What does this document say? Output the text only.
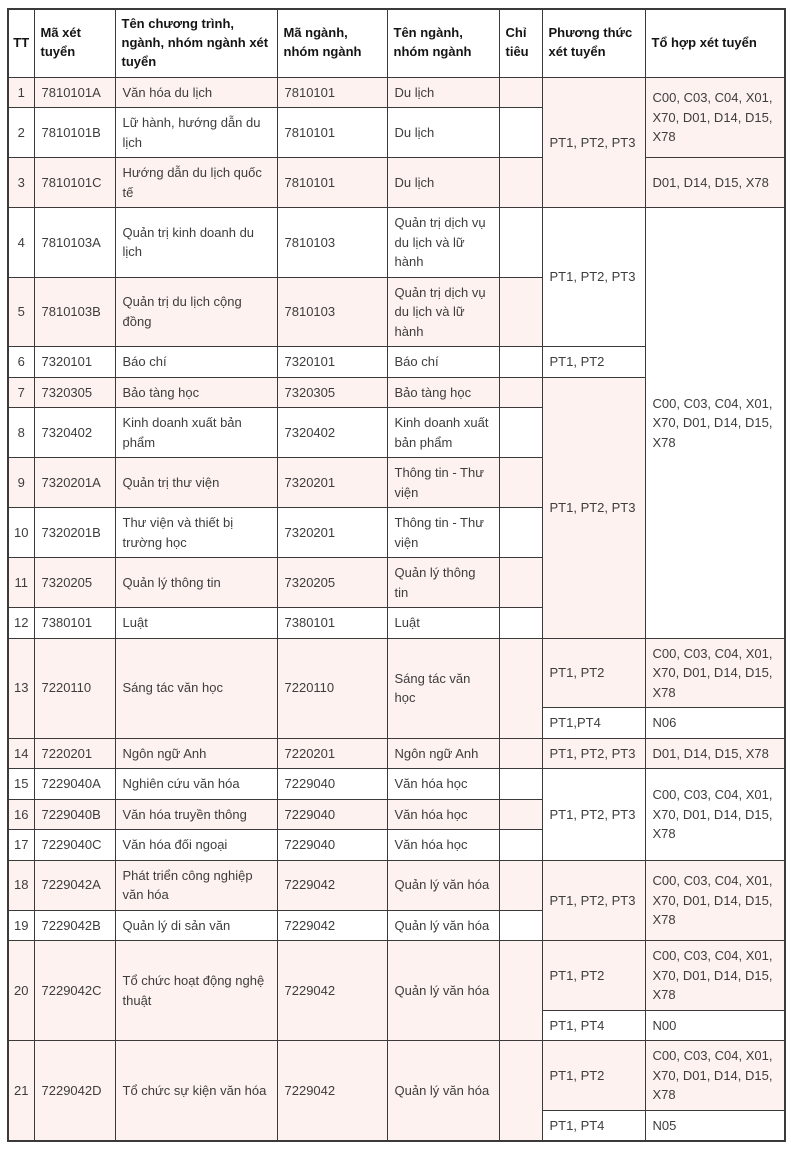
TT	Mã xét tuyển	Tên chương trình, ngành, nhóm ngành xét tuyển	Mã ngành, nhóm ngành	Tên ngành, nhóm ngành	Chỉ tiêu	Phương thức xét tuyển	Tổ hợp xét tuyển
1	7810101A	Văn hóa du lịch	7810101	Du lịch		PT1, PT2, PT3	C00, C03, C04, X01, X70, D01, D14, D15, X78
2	7810101B	Lữ hành, hướng dẫn du lịch	7810101	Du lịch			
3	7810101C	Hướng dẫn du lịch quốc tế	7810101	Du lịch			D01, D14, D15, X78
4	7810103A	Quản trị kinh doanh du lịch	7810103	Quản trị dịch vụ du lịch và lữ hành		PT1, PT2, PT3	C00, C03, C04, X01, X70, D01, D14, D15, X78
5	7810103B	Quản trị du lịch cộng đồng	7810103	Quản trị dịch vụ du lịch và lữ hành			
6	7320101	Báo chí	7320101	Báo chí		PT1, PT2	
7	7320305	Bảo tàng học	7320305	Bảo tàng học		PT1, PT2, PT3	
8	7320402	Kinh doanh xuất bản phẩm	7320402	Kinh doanh xuất bản phẩm			
9	7320201A	Quản trị thư viện	7320201	Thông tin - Thư viện			
10	7320201B	Thư viện và thiết bị trường học	7320201	Thông tin - Thư viện			
11	7320205	Quản lý thông tin	7320205	Quản lý thông tin			
12	7380101	Luật	7380101	Luật			
13	7220110	Sáng tác văn học	7220110	Sáng tác văn học		PT1, PT2	C00, C03, C04, X01, X70, D01, D14, D15, X78
						PT1,PT4	N06
14	7220201	Ngôn ngữ Anh	7220201	Ngôn ngữ Anh		PT1, PT2, PT3	D01, D14, D15, X78
15	7229040A	Nghiên cứu văn hóa	7229040	Văn hóa học		PT1, PT2, PT3	C00, C03, C04, X01, X70, D01, D14, D15, X78
16	7229040B	Văn hóa truyền thông	7229040	Văn hóa học			
17	7229040C	Văn hóa đối ngoại	7229040	Văn hóa học			
18	7229042A	Phát triển công nghiệp văn hóa	7229042	Quản lý văn hóa		PT1, PT2, PT3	C00, C03, C04, X01, X70, D01, D14, D15, X78
19	7229042B	Quản lý di sản văn	7229042	Quản lý văn hóa			
20	7229042C	Tổ chức hoạt động nghệ thuật	7229042	Quản lý văn hóa		PT1, PT2	C00, C03, C04, X01, X70, D01, D14, D15, X78
						PT1, PT4	N00
21	7229042D	Tổ chức sự kiện văn hóa	7229042	Quản lý văn hóa		PT1, PT2	C00, C03, C04, X01, X70, D01, D14, D15, X78
						PT1, PT4	N05
